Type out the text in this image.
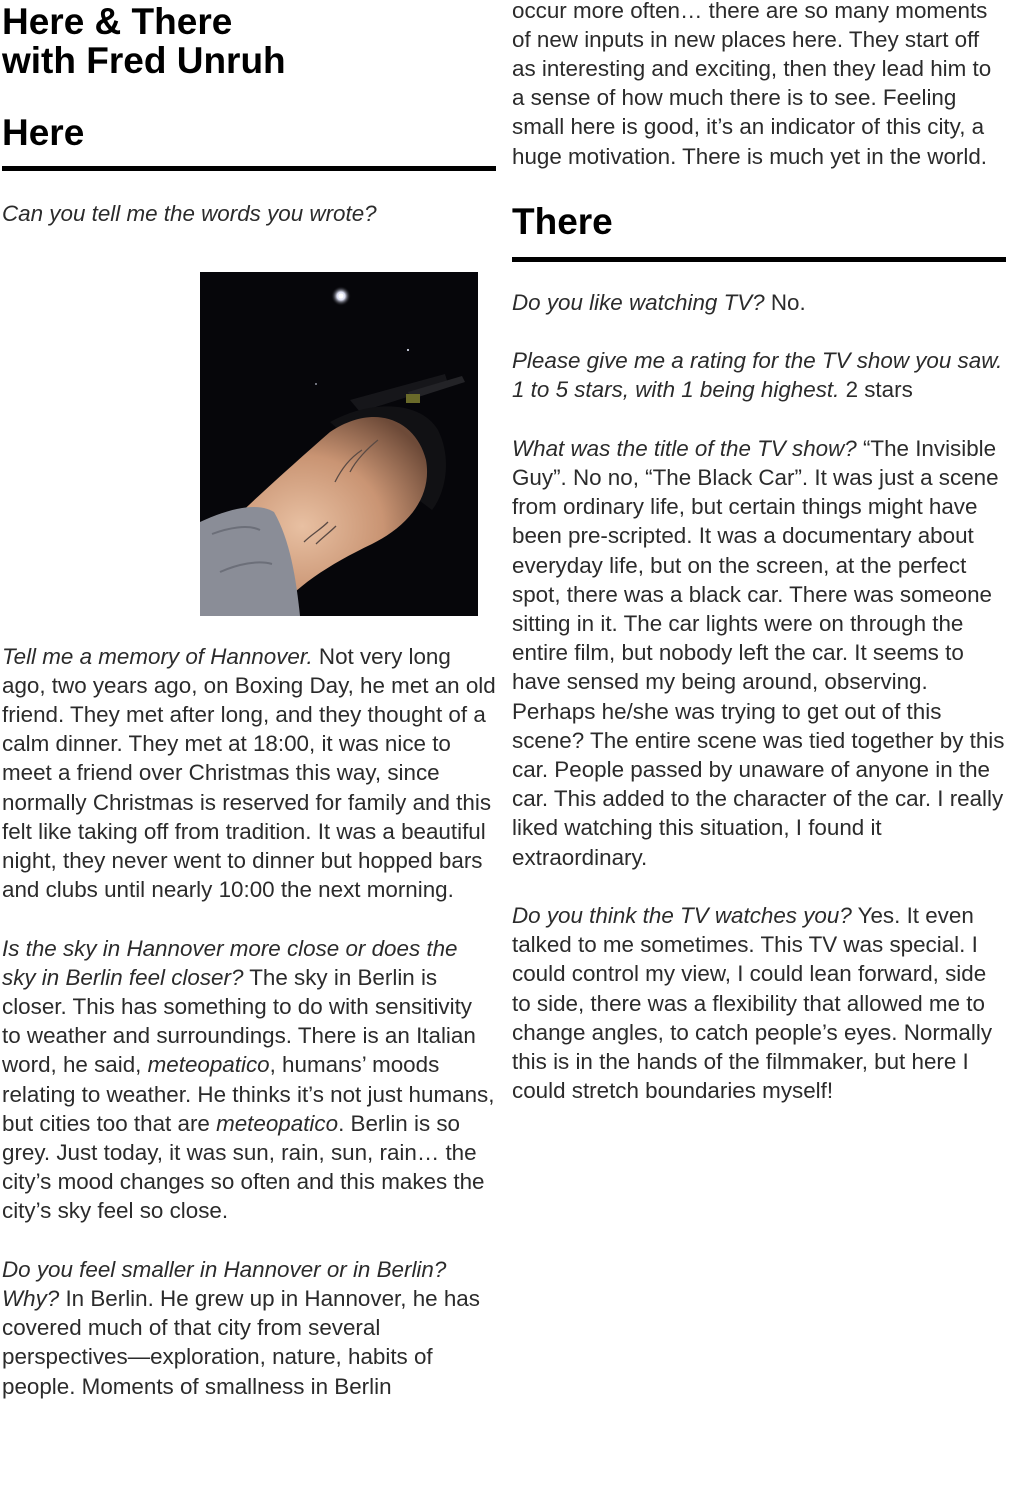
Here & There
with Fred Unruh
Here

Can you tell me the words you wrote?

Tell me a memory of Hannover. Not very long ago, two years ago, on Boxing Day, he met an old friend. They met after long, and they thought of a calm dinner. They met at 18:00, it was nice to meet a friend over Christmas this way, since normally Christmas is reserved for family and this felt like taking off from tradition. It was a beautiful night, they never went to dinner but hopped bars and clubs until nearly 10:00 the next morning.

Is the sky in Hannover more close or does the sky in Berlin feel closer? The sky in Berlin is closer. This has something to do with sensitivity to weather and surroundings. There is an Italian word, he said, meteopatico, humans’ moods relating to weather. He thinks it’s not just humans, but cities too that are meteopatico. Berlin is so grey. Just today, it was sun, rain, sun, rain… the city’s mood changes so often and this makes the city’s sky feel so close.

Do you feel smaller in Hannover or in Berlin? Why? In Berlin. He grew up in Hannover, he has covered much of that city from several perspectives—exploration, nature, habits of people. Moments of smallness in Berlin

occur more often… there are so many moments of new inputs in new places here. They start off as interesting and exciting, then they lead him to a sense of how much there is to see. Feeling small here is good, it’s an indicator of this city, a huge motivation. There is much yet in the world.

There

Do you like watching TV? No.

Please give me a rating for the TV show you saw. 1 to 5 stars, with 1 being highest. 2 stars

What was the title of the TV show? “The Invisible Guy”. No no, “The Black Car”. It was just a scene from ordinary life, but certain things might have been pre-scripted. It was a documentary about everyday life, but on the screen, at the perfect spot, there was a black car. There was someone sitting in it. The car lights were on through the entire film, but nobody left the car. It seems to have sensed my being around, observing. Perhaps he/she was trying to get out of this scene? The entire scene was tied together by this car. People passed by unaware of anyone in the car. This added to the character of the car. I really liked watching this situation, I found it extraordinary.

Do you think the TV watches you? Yes. It even talked to me sometimes. This TV was special. I could control my view, I could lean forward, side to side, there was a flexibility that allowed me to change angles, to catch people’s eyes. Normally this is in the hands of the filmmaker, but here I could stretch boundaries myself!
